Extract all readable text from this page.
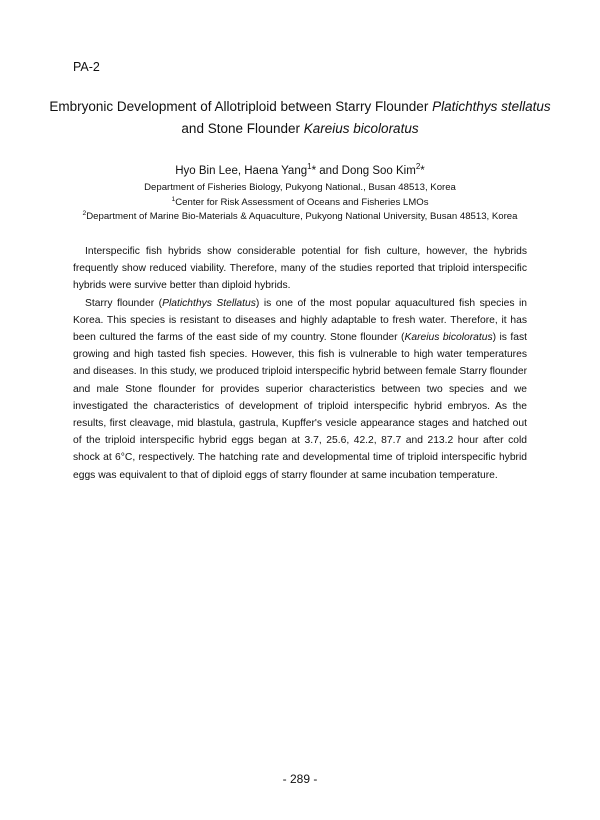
PA-2
Embryonic Development of Allotriploid between Starry Flounder Platichthys stellatus
and Stone Flounder Kareius bicoloratus
Hyo Bin Lee, Haena Yang$^1$* and Dong Soo Kim$^2$*
Department of Fisheries Biology, Pukyong National., Busan 48513, Korea
$^1$Center for Risk Assessment of Oceans and Fisheries LMOs
$^2$Department of Marine Bio-Materials & Aquaculture, Pukyong National University, Busan 48513, Korea

Interspecific fish hybrids show considerable potential for fish culture, however, the hybrids frequently show reduced viability. Therefore, many of the studies reported that triploid interspecific hybrids were survive better than diploid hybrids.

Starry flounder (Platichthys Stellatus) is one of the most popular aquacultured fish species in Korea. This species is resistant to diseases and highly adaptable to fresh water. Therefore, it has been cultured the farms of the east side of my country. Stone flounder (Kareius bicoloratus) is fast growing and high tasted fish species. However, this fish is vulnerable to high water temperatures and diseases. In this study, we produced triploid interspecific hybrid between female Starry flounder and male Stone flounder for provides superior characteristics between two species and we investigated the characteristics of development of triploid interspecific hybrid embryos. As the results, first cleavage, mid blastula, gastrula, Kupffer's vesicle appearance stages and hatched out of the triploid interspecific hybrid eggs began at 3.7, 25.6, 42.2, 87.7 and 213.2 hour after cold shock at 6°C, respectively. The hatching rate and developmental time of triploid interspecific hybrid eggs was equivalent to that of diploid eggs of starry flounder at same incubation temperature.

- 289 -
